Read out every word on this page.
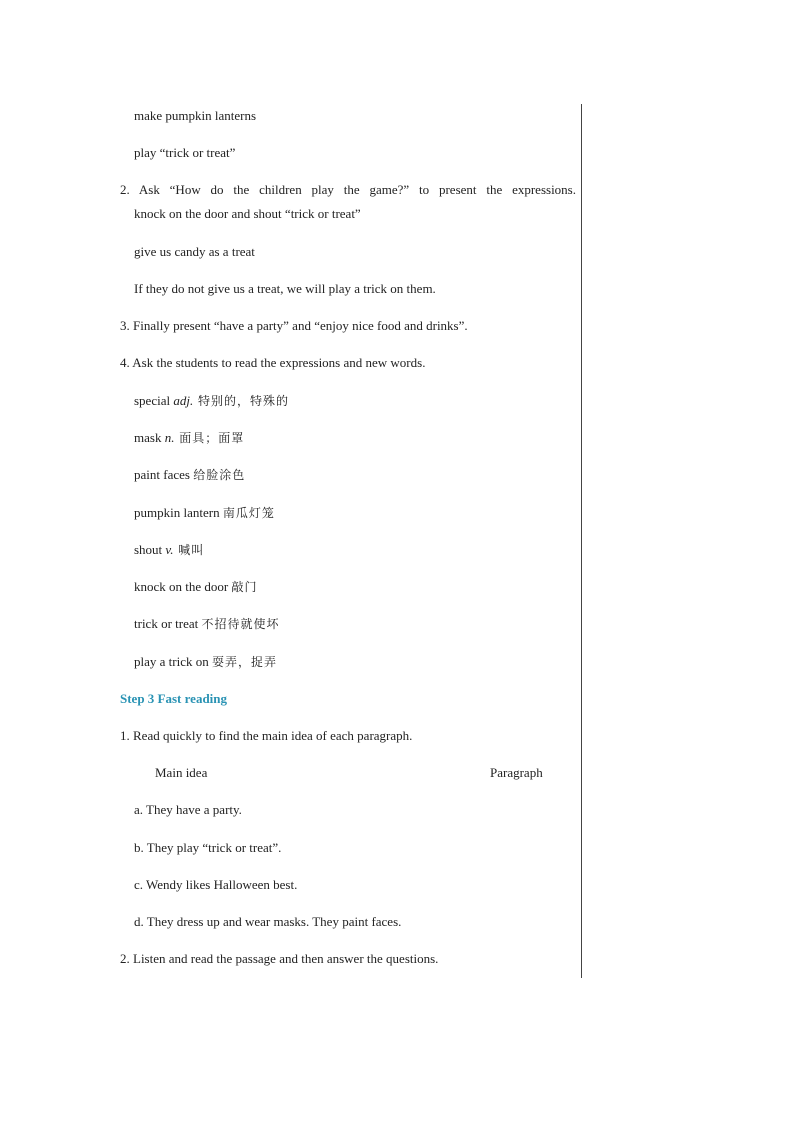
make pumpkin lanterns
play “trick or treat”
2. Ask “How do the children play the game?” to present the expressions.
knock on the door and shout “trick or treat”
give us candy as a treat
If they do not give us a treat, we will play a trick on them.
3. Finally present “have a party” and “enjoy nice food and drinks”.
4. Ask the students to read the expressions and new words.
special adj. 特别的，特殊的
mask n. 面具；面罩
paint faces 给脸涂色
pumpkin lantern 南瓜灯笼
shout v. 喊叫
knock on the door 敲门
trick or treat 不招待就使坏
play a trick on 耍弄，捉弄
Step 3 Fast reading
1. Read quickly to find the main idea of each paragraph.
Main idea	Paragraph
a. They have a party.
b. They play “trick or treat”.
c. Wendy likes Halloween best.
d. They dress up and wear masks. They paint faces.
2. Listen and read the passage and then answer the questions.
